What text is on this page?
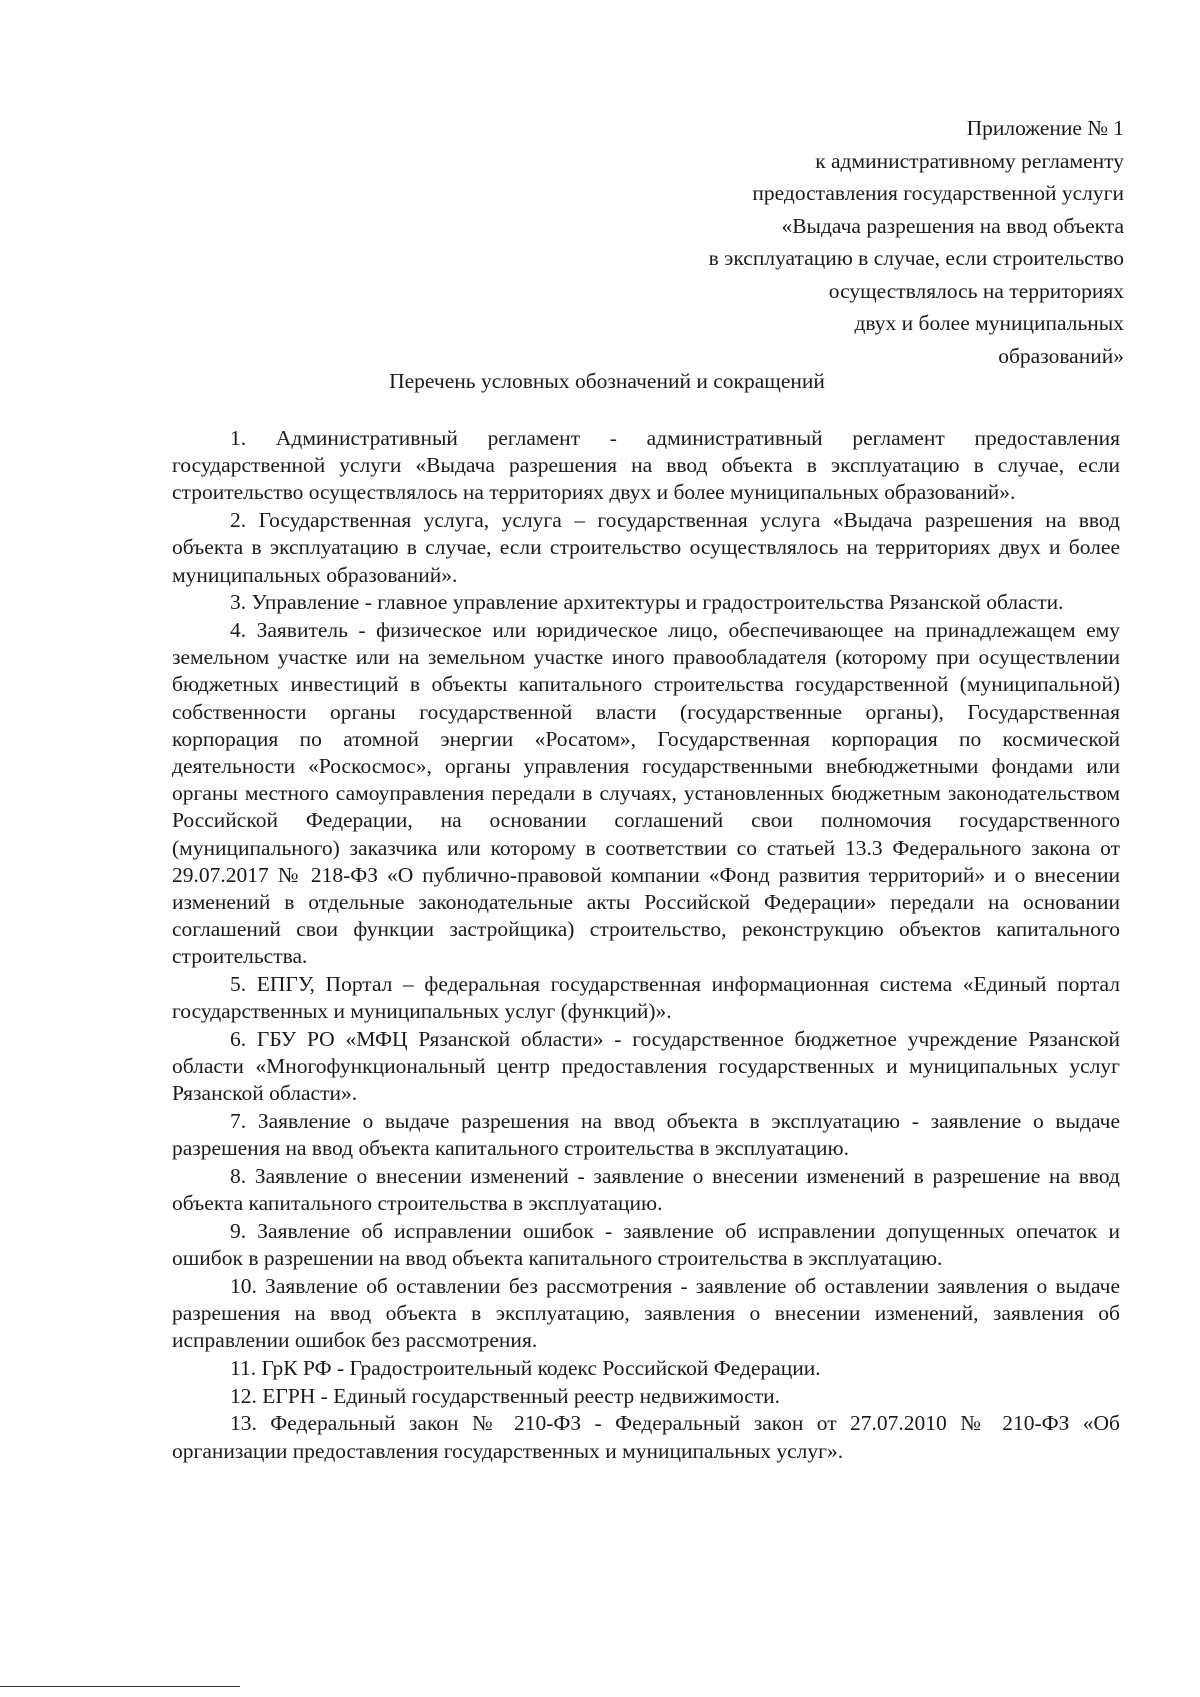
Приложение № 1
к административному регламенту
предоставления государственной услуги
«Выдача разрешения на ввод объекта
в эксплуатацию в случае, если строительство
осуществлялось на территориях
двух и более муниципальных
образований»
Перечень условных обозначений и сокращений

1. Административный регламент - административный регламент предоставления государственной услуги «Выдача разрешения на ввод объекта в эксплуатацию в случае, если строительство осуществлялось на территориях двух и более муниципальных образований».

2. Государственная услуга, услуга – государственная услуга «Выдача разрешения на ввод объекта в эксплуатацию в случае, если строительство осуществлялось на территориях двух и более муниципальных образований».

3. Управление - главное управление архитектуры и градостроительства Рязанской области.

4. Заявитель - физическое или юридическое лицо, обеспечивающее на принадлежащем ему земельном участке или на земельном участке иного правообладателя (которому при осуществлении бюджетных инвестиций в объекты капитального строительства государственной (муниципальной) собственности органы государственной власти (государственные органы), Государственная корпорация по атомной энергии «Росатом», Государственная корпорация по космической деятельности «Роскосмос», органы управления государственными внебюджетными фондами или органы местного самоуправления передали в случаях, установленных бюджетным законодательством Российской Федерации, на основании соглашений свои полномочия государственного (муниципального) заказчика или которому в соответствии со статьей 13.3 Федерального закона от 29.07.2017 № 218-ФЗ «О публично-правовой компании «Фонд развития территорий» и о внесении изменений в отдельные законодательные акты Российской Федерации» передали на основании соглашений свои функции застройщика) строительство, реконструкцию объектов капитального строительства.

5. ЕПГУ, Портал – федеральная государственная информационная система «Единый портал государственных и муниципальных услуг (функций)».

6. ГБУ РО «МФЦ Рязанской области» - государственное бюджетное учреждение Рязанской области «Многофункциональный центр предоставления государственных и муниципальных услуг Рязанской области».

7. Заявление о выдаче разрешения на ввод объекта в эксплуатацию - заявление о выдаче разрешения на ввод объекта капитального строительства в эксплуатацию.

8. Заявление о внесении изменений - заявление о внесении изменений в разрешение на ввод объекта капитального строительства в эксплуатацию.

9. Заявление об исправлении ошибок - заявление об исправлении допущенных опечаток и ошибок в разрешении на ввод объекта капитального строительства в эксплуатацию.

10. Заявление об оставлении без рассмотрения - заявление об оставлении заявления о выдаче разрешения на ввод объекта в эксплуатацию, заявления о внесении изменений, заявления об исправлении ошибок без рассмотрения.

11. ГрК РФ - Градостроительный кодекс Российской Федерации.

12. ЕГРН - Единый государственный реестр недвижимости.

13. Федеральный закон № 210-ФЗ - Федеральный закон от 27.07.2010 № 210-ФЗ «Об организации предоставления государственных и муниципальных услуг».
